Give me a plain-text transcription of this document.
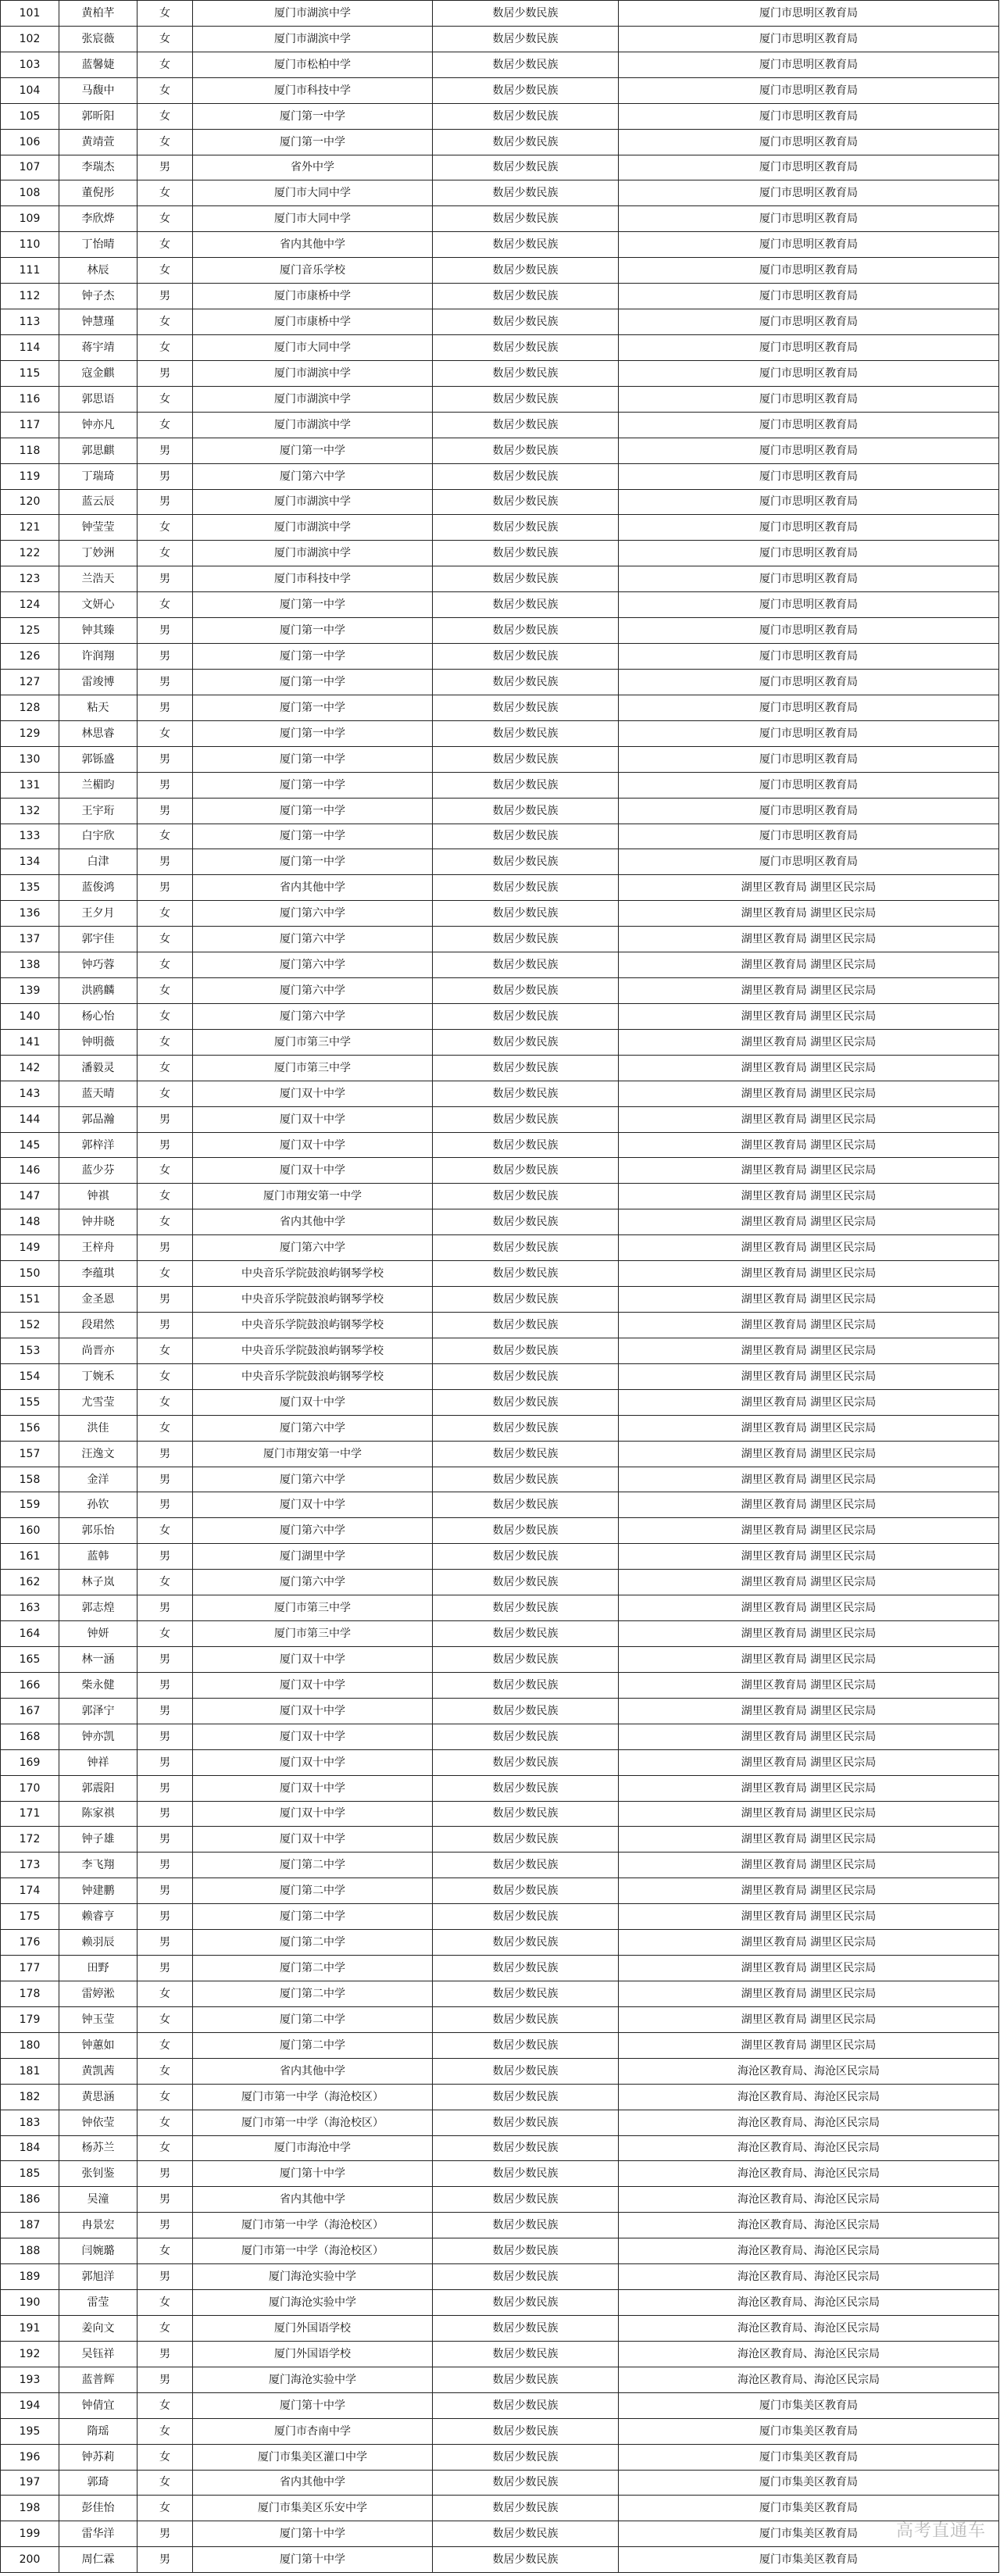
101	黄柏芊	女	厦门市湖滨中学	数居少数民族	厦门市思明区教育局
102	张宸薇	女	厦门市湖滨中学	数居少数民族	厦门市思明区教育局
103	蓝馨婕	女	厦门市松柏中学	数居少数民族	厦门市思明区教育局
104	马馥中	女	厦门市科技中学	数居少数民族	厦门市思明区教育局
105	郭昕阳	女	厦门第一中学	数居少数民族	厦门市思明区教育局
106	黄靖萱	女	厦门第一中学	数居少数民族	厦门市思明区教育局
107	李瑞杰	男	省外中学	数居少数民族	厦门市思明区教育局
108	董倪彤	女	厦门市大同中学	数居少数民族	厦门市思明区教育局
109	李欣烨	女	厦门市大同中学	数居少数民族	厦门市思明区教育局
110	丁怡晴	女	省内其他中学	数居少数民族	厦门市思明区教育局
111	林辰	女	厦门音乐学校	数居少数民族	厦门市思明区教育局
112	钟子杰	男	厦门市康桥中学	数居少数民族	厦门市思明区教育局
113	钟慧瑾	女	厦门市康桥中学	数居少数民族	厦门市思明区教育局
114	蒋宇靖	女	厦门市大同中学	数居少数民族	厦门市思明区教育局
115	寇金麒	男	厦门市湖滨中学	数居少数民族	厦门市思明区教育局
116	郭思语	女	厦门市湖滨中学	数居少数民族	厦门市思明区教育局
117	钟亦凡	女	厦门市湖滨中学	数居少数民族	厦门市思明区教育局
118	郭思麒	男	厦门第一中学	数居少数民族	厦门市思明区教育局
119	丁瑞琦	男	厦门第六中学	数居少数民族	厦门市思明区教育局
120	蓝云辰	男	厦门市湖滨中学	数居少数民族	厦门市思明区教育局
121	钟莹莹	女	厦门市湖滨中学	数居少数民族	厦门市思明区教育局
122	丁妙洲	女	厦门市湖滨中学	数居少数民族	厦门市思明区教育局
123	兰浩天	男	厦门市科技中学	数居少数民族	厦门市思明区教育局
124	文妍心	女	厦门第一中学	数居少数民族	厦门市思明区教育局
125	钟其臻	男	厦门第一中学	数居少数民族	厦门市思明区教育局
126	许润翔	男	厦门第一中学	数居少数民族	厦门市思明区教育局
127	雷竣博	男	厦门第一中学	数居少数民族	厦门市思明区教育局
128	粘天	男	厦门第一中学	数居少数民族	厦门市思明区教育局
129	林思睿	女	厦门第一中学	数居少数民族	厦门市思明区教育局
130	郭铄盛	男	厦门第一中学	数居少数民族	厦门市思明区教育局
131	兰楣昀	男	厦门第一中学	数居少数民族	厦门市思明区教育局
132	王宇珩	男	厦门第一中学	数居少数民族	厦门市思明区教育局
133	白宇欣	女	厦门第一中学	数居少数民族	厦门市思明区教育局
134	白津	男	厦门第一中学	数居少数民族	厦门市思明区教育局
135	蓝俊鸿	男	省内其他中学	数居少数民族	湖里区教育局 湖里区民宗局
136	王夕月	女	厦门第六中学	数居少数民族	湖里区教育局 湖里区民宗局
137	郭宇佳	女	厦门第六中学	数居少数民族	湖里区教育局 湖里区民宗局
138	钟巧蓉	女	厦门第六中学	数居少数民族	湖里区教育局 湖里区民宗局
139	洪鸥麟	女	厦门第六中学	数居少数民族	湖里区教育局 湖里区民宗局
140	杨心怡	女	厦门第六中学	数居少数民族	湖里区教育局 湖里区民宗局
141	钟明薇	女	厦门市第三中学	数居少数民族	湖里区教育局 湖里区民宗局
142	潘毅灵	女	厦门市第三中学	数居少数民族	湖里区教育局 湖里区民宗局
143	蓝天晴	女	厦门双十中学	数居少数民族	湖里区教育局 湖里区民宗局
144	郭品瀚	男	厦门双十中学	数居少数民族	湖里区教育局 湖里区民宗局
145	郭梓洋	男	厦门双十中学	数居少数民族	湖里区教育局 湖里区民宗局
146	蓝少芬	女	厦门双十中学	数居少数民族	湖里区教育局 湖里区民宗局
147	钟祺	女	厦门市翔安第一中学	数居少数民族	湖里区教育局 湖里区民宗局
148	钟井晓	女	省内其他中学	数居少数民族	湖里区教育局 湖里区民宗局
149	王梓舟	男	厦门第六中学	数居少数民族	湖里区教育局 湖里区民宗局
150	李蕴琪	女	中央音乐学院鼓浪屿钢琴学校	数居少数民族	湖里区教育局 湖里区民宗局
151	金圣恩	男	中央音乐学院鼓浪屿钢琴学校	数居少数民族	湖里区教育局 湖里区民宗局
152	段珺然	男	中央音乐学院鼓浪屿钢琴学校	数居少数民族	湖里区教育局 湖里区民宗局
153	尚晋亦	女	中央音乐学院鼓浪屿钢琴学校	数居少数民族	湖里区教育局 湖里区民宗局
154	丁婉禾	女	中央音乐学院鼓浪屿钢琴学校	数居少数民族	湖里区教育局 湖里区民宗局
155	尤雪莹	女	厦门双十中学	数居少数民族	湖里区教育局 湖里区民宗局
156	洪佳	女	厦门第六中学	数居少数民族	湖里区教育局 湖里区民宗局
157	汪逸文	男	厦门市翔安第一中学	数居少数民族	湖里区教育局 湖里区民宗局
158	金洋	男	厦门第六中学	数居少数民族	湖里区教育局 湖里区民宗局
159	孙钦	男	厦门双十中学	数居少数民族	湖里区教育局 湖里区民宗局
160	郭乐怡	女	厦门第六中学	数居少数民族	湖里区教育局 湖里区民宗局
161	蓝韩	男	厦门湖里中学	数居少数民族	湖里区教育局 湖里区民宗局
162	林子岚	女	厦门第六中学	数居少数民族	湖里区教育局 湖里区民宗局
163	郭志煌	男	厦门市第三中学	数居少数民族	湖里区教育局 湖里区民宗局
164	钟妍	女	厦门市第三中学	数居少数民族	湖里区教育局 湖里区民宗局
165	林一涵	男	厦门双十中学	数居少数民族	湖里区教育局 湖里区民宗局
166	柴永健	男	厦门双十中学	数居少数民族	湖里区教育局 湖里区民宗局
167	郭泽宁	男	厦门双十中学	数居少数民族	湖里区教育局 湖里区民宗局
168	钟亦凯	男	厦门双十中学	数居少数民族	湖里区教育局 湖里区民宗局
169	钟祥	男	厦门双十中学	数居少数民族	湖里区教育局 湖里区民宗局
170	郭震阳	男	厦门双十中学	数居少数民族	湖里区教育局 湖里区民宗局
171	陈家祺	男	厦门双十中学	数居少数民族	湖里区教育局 湖里区民宗局
172	钟子雄	男	厦门双十中学	数居少数民族	湖里区教育局 湖里区民宗局
173	李飞翔	男	厦门第二中学	数居少数民族	湖里区教育局 湖里区民宗局
174	钟建鹏	男	厦门第二中学	数居少数民族	湖里区教育局 湖里区民宗局
175	赖睿亨	男	厦门第二中学	数居少数民族	湖里区教育局 湖里区民宗局
176	赖羽辰	男	厦门第二中学	数居少数民族	湖里区教育局 湖里区民宗局
177	田野	男	厦门第二中学	数居少数民族	湖里区教育局 湖里区民宗局
178	雷婷淞	女	厦门第二中学	数居少数民族	湖里区教育局 湖里区民宗局
179	钟玉莹	女	厦门第二中学	数居少数民族	湖里区教育局 湖里区民宗局
180	钟蕙如	女	厦门第二中学	数居少数民族	湖里区教育局 湖里区民宗局
181	黄凯茜	女	省内其他中学	数居少数民族	海沧区教育局、海沧区民宗局
182	黄思涵	女	厦门市第一中学（海沧校区）	数居少数民族	海沧区教育局、海沧区民宗局
183	钟依莹	女	厦门市第一中学（海沧校区）	数居少数民族	海沧区教育局、海沧区民宗局
184	杨苏兰	女	厦门市海沧中学	数居少数民族	海沧区教育局、海沧区民宗局
185	张钊鉴	男	厦门第十中学	数居少数民族	海沧区教育局、海沧区民宗局
186	吴潼	男	省内其他中学	数居少数民族	海沧区教育局、海沧区民宗局
187	冉景宏	男	厦门市第一中学（海沧校区）	数居少数民族	海沧区教育局、海沧区民宗局
188	闫婉璐	女	厦门市第一中学（海沧校区）	数居少数民族	海沧区教育局、海沧区民宗局
189	郭旭洋	男	厦门海沧实验中学	数居少数民族	海沧区教育局、海沧区民宗局
190	雷莹	女	厦门海沧实验中学	数居少数民族	海沧区教育局、海沧区民宗局
191	姜向文	女	厦门外国语学校	数居少数民族	海沧区教育局、海沧区民宗局
192	吴钰祥	男	厦门外国语学校	数居少数民族	海沧区教育局、海沧区民宗局
193	蓝普辉	男	厦门海沧实验中学	数居少数民族	海沧区教育局、海沧区民宗局
194	钟倩宜	女	厦门第十中学	数居少数民族	厦门市集美区教育局
195	隋瑶	女	厦门市杏南中学	数居少数民族	厦门市集美区教育局
196	钟苏莉	女	厦门市集美区灌口中学	数居少数民族	厦门市集美区教育局
197	郭琦	女	省内其他中学	数居少数民族	厦门市集美区教育局
198	彭佳怡	女	厦门市集美区乐安中学	数居少数民族	厦门市集美区教育局
199	雷华洋	男	厦门第十中学	数居少数民族	厦门市集美区教育局
200	周仁霖	男	厦门第十中学	数居少数民族	厦门市集美区教育局
高考直通车
